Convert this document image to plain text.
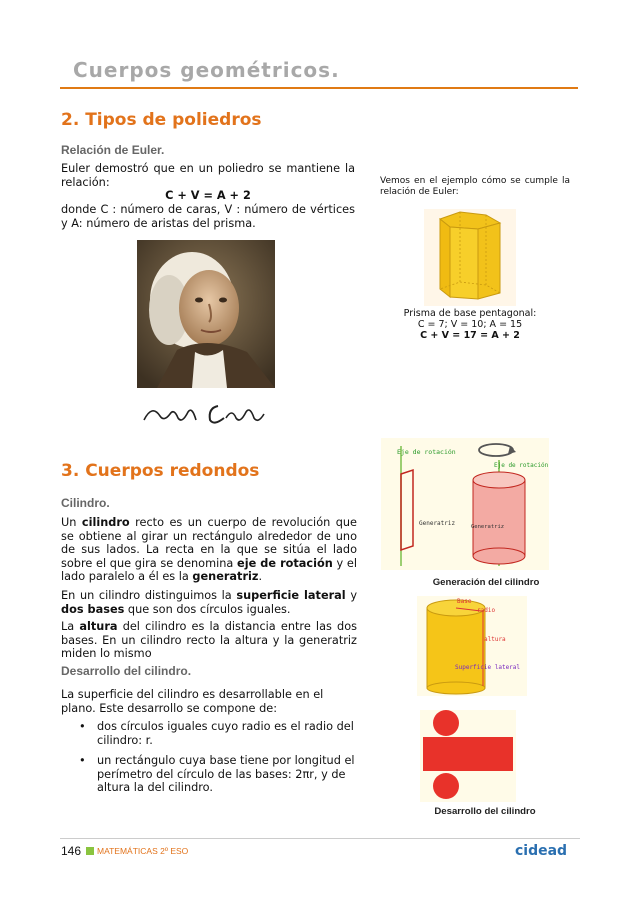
Cuerpos geométricos.
2. Tipos de poliedros
Relación de Euler.
Euler demostró que en un poliedro se mantiene la relación:
C + V = A + 2
donde C : número de caras, V : número de vértices y A: número de aristas del prisma.
Vemos en el ejemplo cómo se cumple la relación de Euler:
Prisma de base pentagonal:
C = 7; V = 10; A = 15
C + V = 17 = A + 2
3. Cuerpos redondos
Cilindro.
Un cilindro recto es un cuerpo de revolución que se obtiene al girar un rectángulo alrededor de uno de sus lados. La recta en la que se sitúa el lado sobre el que gira se denomina eje de rotación y el lado paralelo a él es la generatriz.
En un cilindro distinguimos la superficie lateral y dos bases que son dos círculos iguales.
La altura del cilindro es la distancia entre las dos bases. En un cilindro recto la altura y la generatriz miden lo mismo
Desarrollo del cilindro.
La superficie del cilindro es desarrollable en el plano. Este desarrollo se compone de:
• dos círculos iguales cuyo radio es el radio del cilindro: r.
• un rectángulo cuya base tiene por longitud el perímetro del círculo de las bases: 2πr, y de altura la del cilindro.
Eje de rotación
Eje de rotación
Generatriz	Generatriz
Generación del cilindro
Base
radio
altura
Superficie lateral
Desarrollo del cilindro
146 MATEMÁTICAS 2º ESO	cidead
